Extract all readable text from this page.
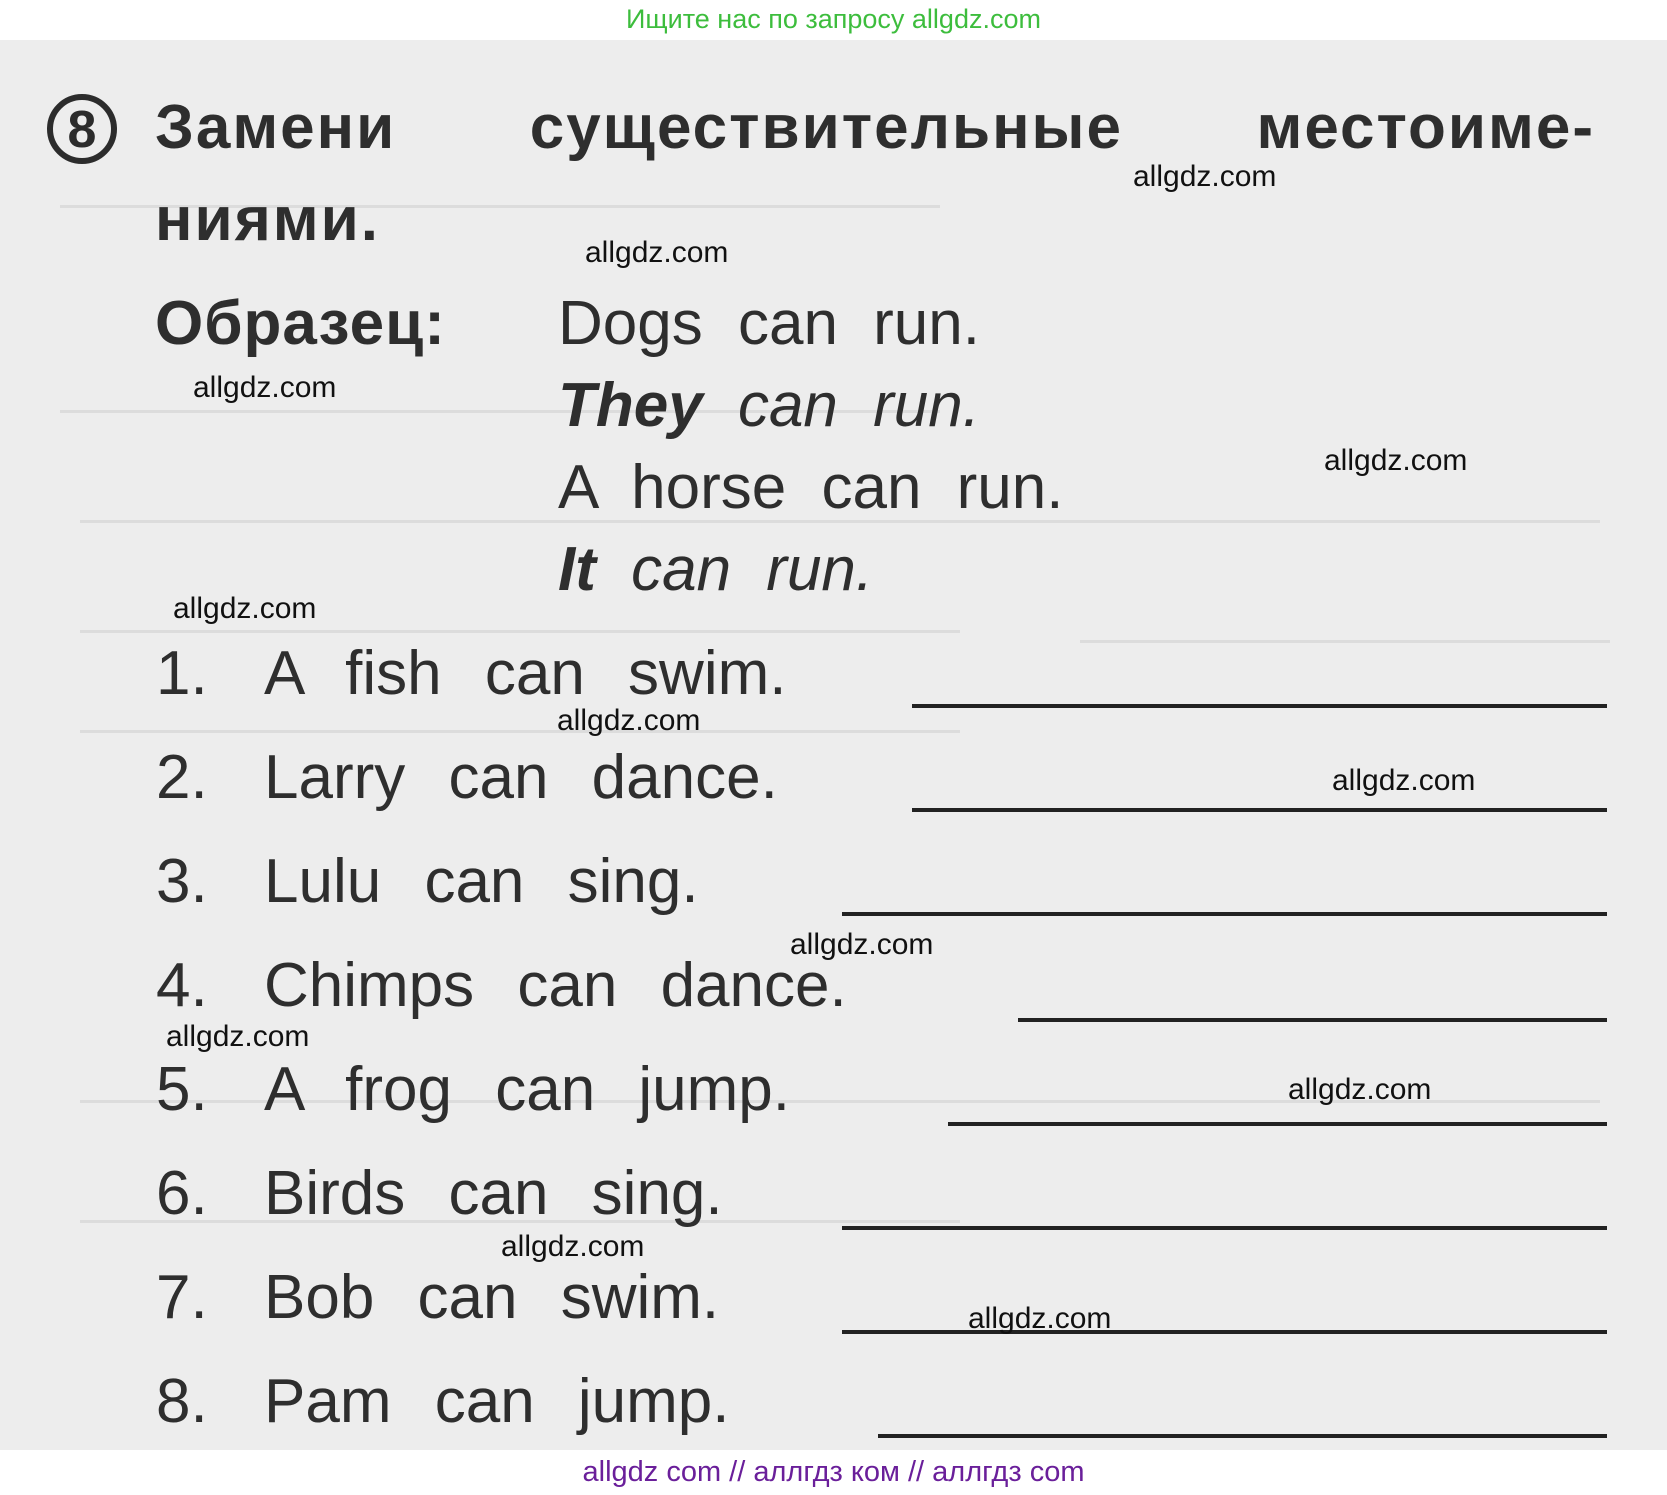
Ищите нас по запросу allgdz.com
8 Замени существительные местоиме- ниями.
Образец: Dogs can run.
They can run.
A horse can run.
It can run.
1. A fish can swim.
2. Larry can dance.
3. Lulu can sing.
4. Chimps can dance.
5. A frog can jump.
6. Birds can sing.
7. Bob can swim.
8. Pam can jump.
allgdz.com
allgdz.com
allgdz.com
allgdz.com
allgdz.com
allgdz.com
allgdz.com
allgdz.com
allgdz.com
allgdz.com
allgdz.com
allgdz.com
allgdz com // аллгдз ком // аллгдз com
